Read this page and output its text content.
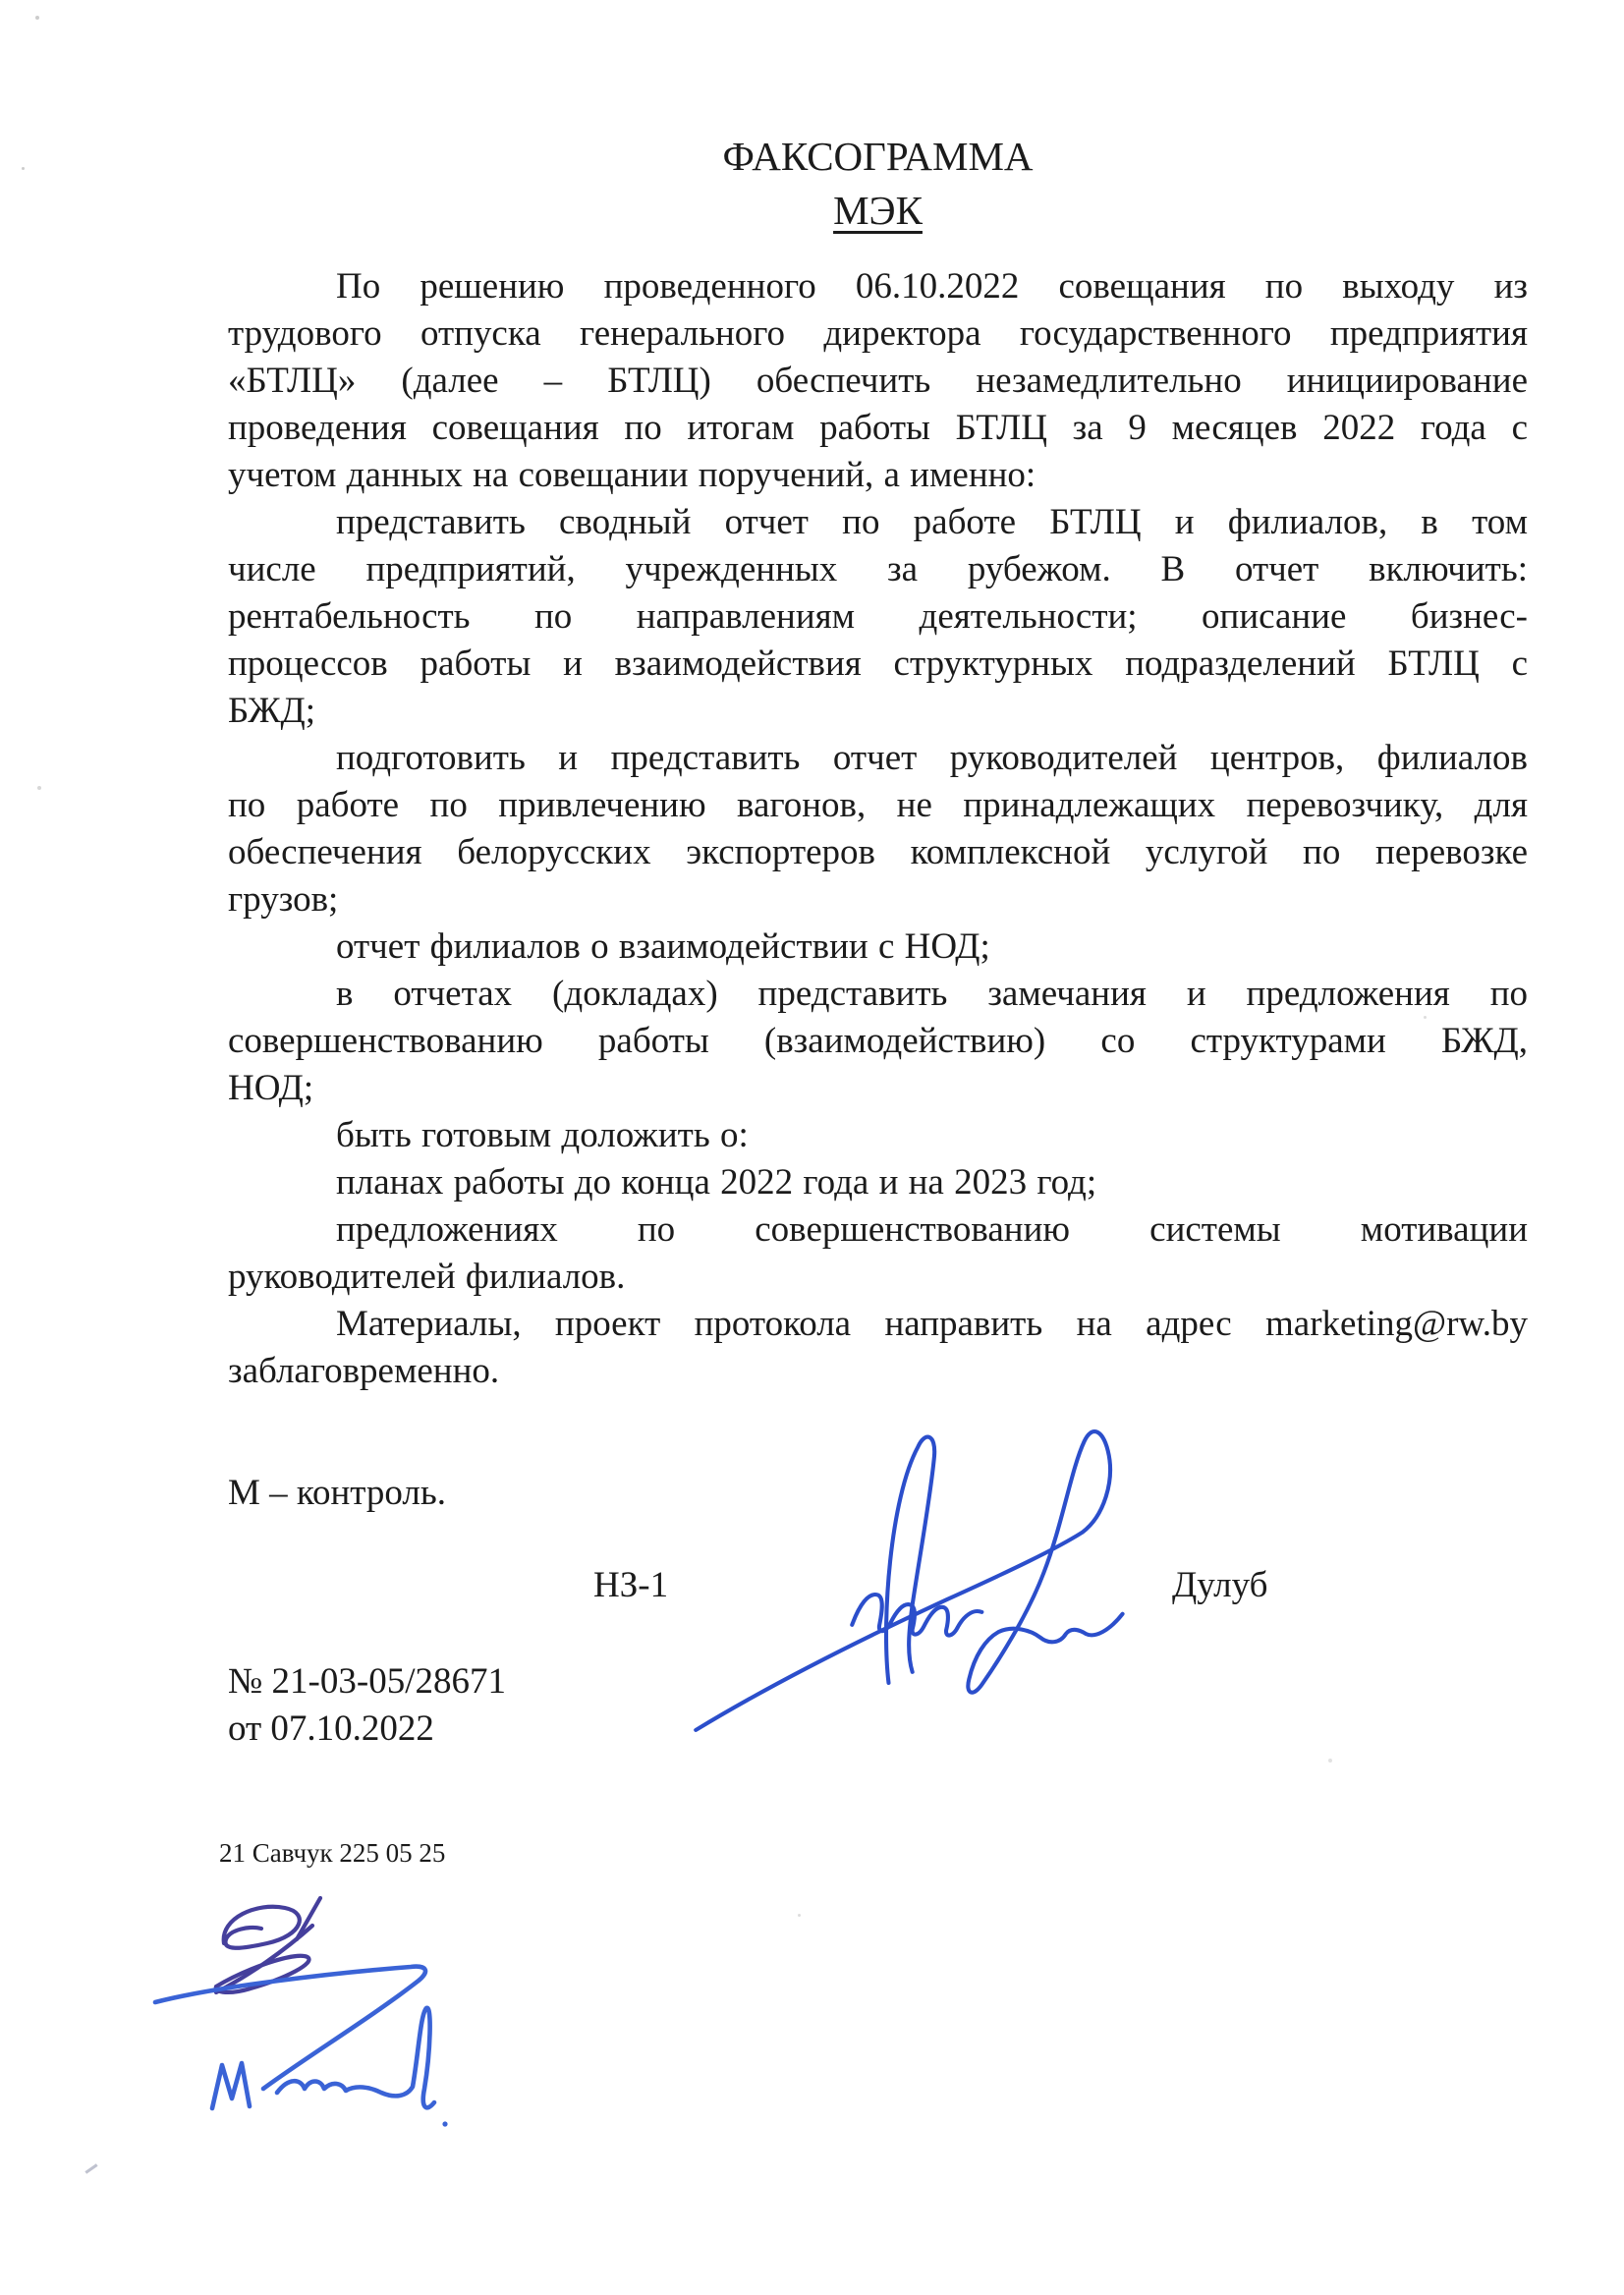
ФАКСОГРАММА
МЭК
По решению проведенного 06.10.2022 совещания по выходу из
трудового отпуска генерального директора государственного предприятия
«БТЛЦ» (далее – БТЛЦ) обеспечить незамедлительно инициирование
проведения совещания по итогам работы БТЛЦ за 9 месяцев 2022 года с
учетом данных на совещании поручений, а именно:
представить сводный отчет по работе БТЛЦ и филиалов, в том
числе предприятий, учрежденных за рубежом. В отчет включить:
рентабельность по направлениям деятельности; описание бизнес-
процессов работы и взаимодействия структурных подразделений БТЛЦ с
БЖД;
подготовить и представить отчет руководителей центров, филиалов
по работе по привлечению вагонов, не принадлежащих перевозчику, для
обеспечения белорусских экспортеров комплексной услугой по перевозке
грузов;
отчет филиалов о взаимодействии с НОД;
в отчетах (докладах) представить замечания и предложения по
совершенствованию работы (взаимодействию) со структурами БЖД,
НОД;
быть готовым доложить о:
планах работы до конца 2022 года и на 2023 год;
предложениях по совершенствованию системы мотивации
руководителей филиалов.
Материалы, проект протокола направить на адрес marketing@rw.by
заблаговременно.
М – контроль.
НЗ-1	Дулуб
№ 21-03-05/28671
от 07.10.2022
21 Савчук 225 05 25
